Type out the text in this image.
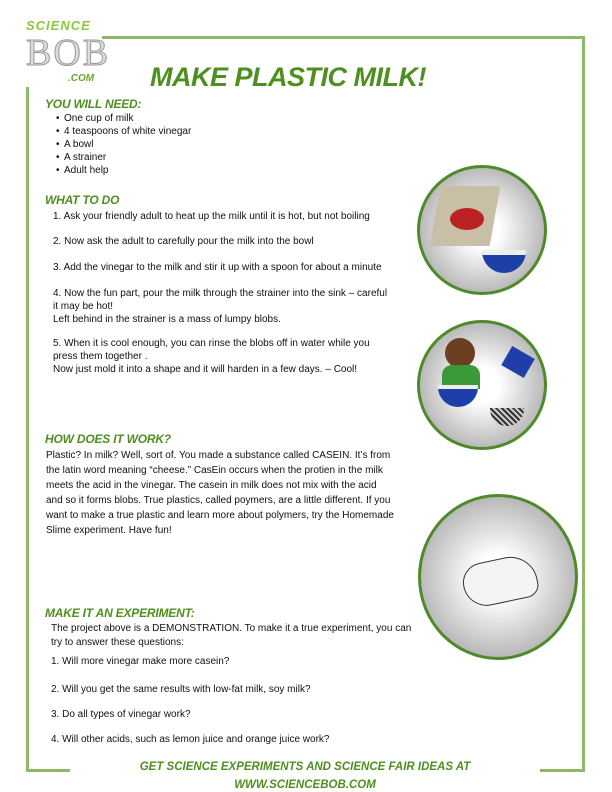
SCIENCE
BOB
.COM MAKE PLASTIC MILK!
YOU WILL NEED:
• One cup of milk
• 4 teaspoons of white vinegar
• A bowl
• A strainer
• Adult help
WHAT TO DO
1. Ask your friendly adult to heat up the milk until it is hot, but not boiling
2. Now ask the adult to carefully pour the milk into the bowl
3. Add the vinegar to the milk and stir it up with a spoon for about a minute
4. Now the fun part, pour the milk through the strainer into the sink – careful
it may be hot!
Left behind in the strainer is a mass of lumpy blobs.
5. When it is cool enough, you can rinse the blobs off in water while you
press them together .
Now just mold it into a shape and it will harden in a few days. – Cool!
HOW DOES IT WORK?
Plastic? In milk? Well, sort of. You made a substance called CASEIN. It’s from
the latin word meaning “cheese.” CasEin occurs when the protien in the milk
meets the acid in the vinegar. The casein in milk does not mix with the acid
and so it forms blobs. True plastics, called poymers, are a little different. If you
want to make a true plastic and learn more about polymers, try the Homemade
Slime experiment. Have fun!
MAKE IT AN EXPERIMENT:
The project above is a DEMONSTRATION. To make it a true experiment, you can
try to answer these questions:
1. Will more vinegar make more casein?
2. Will you get the same results with low-fat milk, soy milk?
3. Do all types of vinegar work?
4. Will other acids, such as lemon juice and orange juice work?
GET SCIENCE EXPERIMENTS AND SCIENCE FAIR IDEAS AT WWW.SCIENCEBOB.COM
